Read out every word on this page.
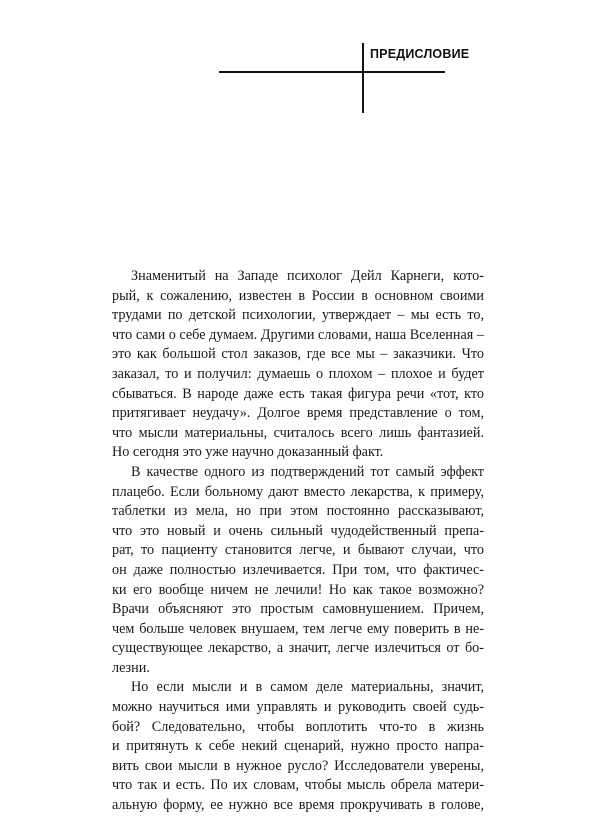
ПРЕДИСЛОВИЕ
Знаменитый на Западе психолог Дейл Карнеги, кото-
рый, к сожалению, известен в России в основном своими
трудами по детской психологии, утверждает – мы есть то,
что сами о себе думаем. Другими словами, наша Вселенная –
это как большой стол заказов, где все мы – заказчики. Что
заказал, то и получил: думаешь о плохом – плохое и будет
сбываться. В народе даже есть такая фигура речи «тот, кто
притягивает неудачу». Долгое время представление о том,
что мысли материальны, считалось всего лишь фантазией.
Но сегодня это уже научно доказанный факт.
В качестве одного из подтверждений тот самый эффект
плацебо. Если больному дают вместо лекарства, к примеру,
таблетки из мела, но при этом постоянно рассказывают,
что это новый и очень сильный чудодейственный препа-
рат, то пациенту становится легче, и бывают случаи, что
он даже полностью излечивается. При том, что фактичес-
ки его вообще ничем не лечили! Но как такое возможно?
Врачи объясняют это простым самовнушением. Причем,
чем больше человек внушаем, тем легче ему поверить в не-
существующее лекарство, а значит, легче излечиться от бо-
лезни.
Но если мысли и в самом деле материальны, значит,
можно научиться ими управлять и руководить своей судь-
бой? Следовательно, чтобы воплотить что-то в жизнь
и притянуть к себе некий сценарий, нужно просто напра-
вить свои мысли в нужное русло? Исследователи уверены,
что так и есть. По их словам, чтобы мысль обрела матери-
альную форму, ее нужно все время прокручивать в голове,
